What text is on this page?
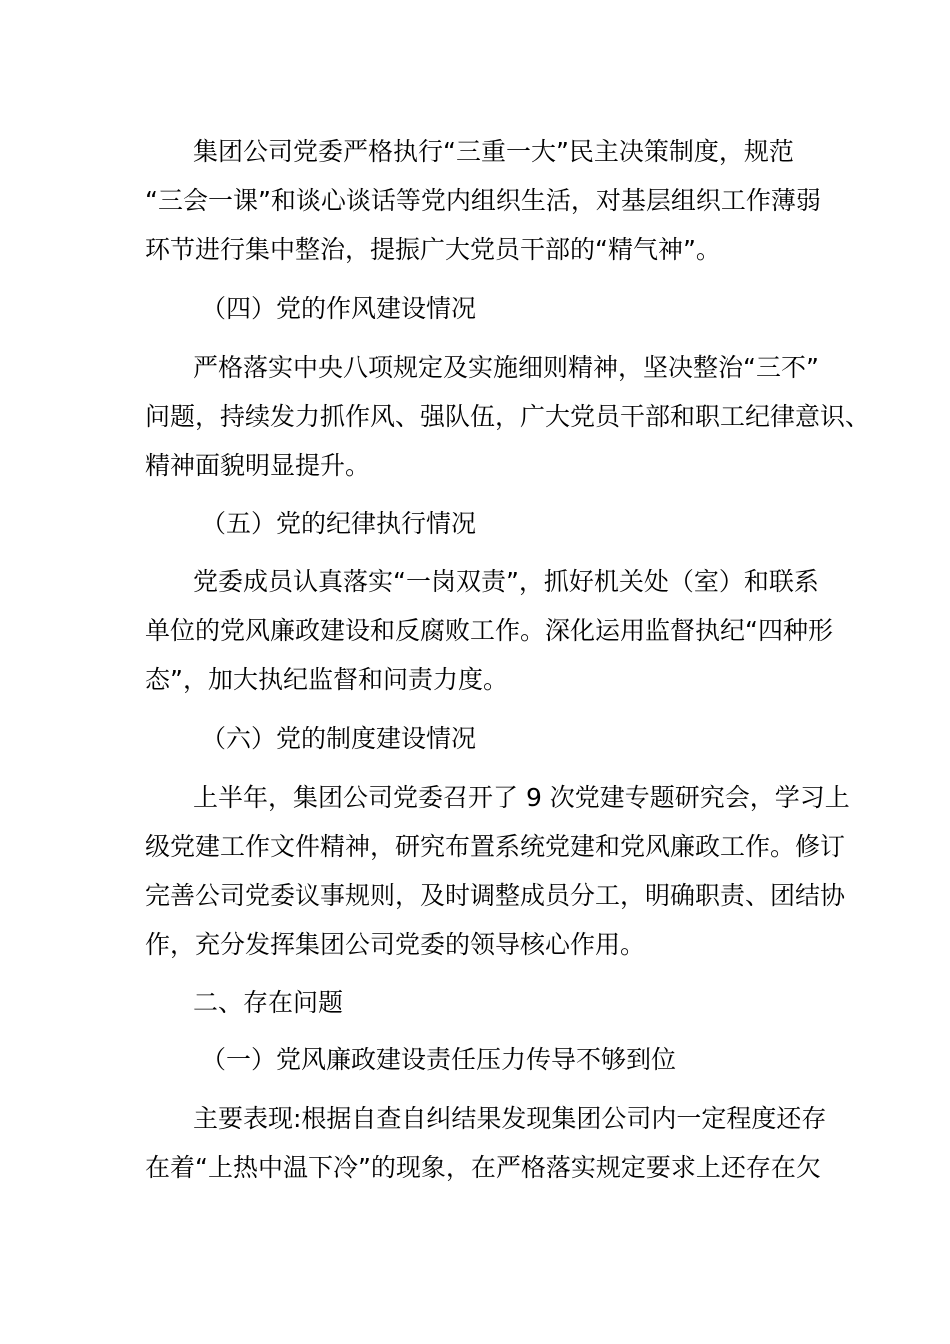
集团公司党委严格执行“三重一大”民主决策制度，规范
“三会一课”和谈心谈话等党内组织生活，对基层组织工作薄弱
环节进行集中整治，提振广大党员干部的“精气神”。
（四）党的作风建设情况
严格落实中央八项规定及实施细则精神，坚决整治“三不”
问题，持续发力抓作风、强队伍，广大党员干部和职工纪律意识、
精神面貌明显提升。
（五）党的纪律执行情况
党委成员认真落实“一岗双责”，抓好机关处（室）和联系
单位的党风廉政建设和反腐败工作。深化运用监督执纪“四种形
态”，加大执纪监督和问责力度。
（六）党的制度建设情况
上半年，集团公司党委召开了 9 次党建专题研究会，学习上
级党建工作文件精神，研究布置系统党建和党风廉政工作。修订
完善公司党委议事规则，及时调整成员分工，明确职责、团结协
作，充分发挥集团公司党委的领导核心作用。
二、存在问题
（一）党风廉政建设责任压力传导不够到位
主要表现:根据自查自纠结果发现集团公司内一定程度还存
在着“上热中温下冷”的现象，在严格落实规定要求上还存在欠
